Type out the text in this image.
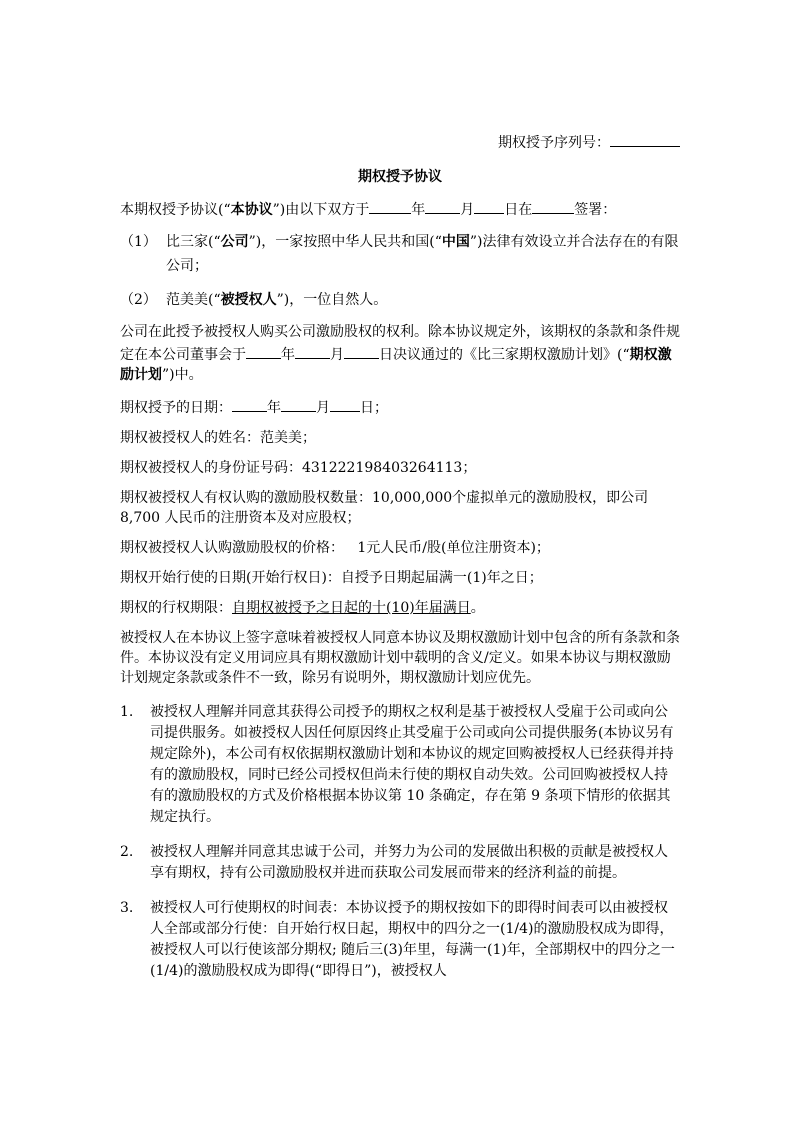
期权授予序列号：
期权授予协议

本期权授予协议(“本协议”)由以下双方于	年	月 日在	签署：

（1） 比三家(“公司”)，一家按照中华人民共和国(“中国”)法律有效设立并合法存在的有限公司；
（2） 范美美(“被授权人”)，一位自然人。

公司在此授予被授权人购买公司激励股权的权利。除本协议规定外，该期权的条款和条件规定在本公司董事会于	年	月	日决议通过的《比三家期权激励计划》(“期权激励计划”)中。

期权授予的日期：	年	月 日；

期权被授权人的姓名：范美美；

期权被授权人的身份证号码：431222198403264113；

期权被授权人有权认购的激励股权数量：10,000,000个虚拟单元的激励股权，即公司 8,700 人民币的注册资本及对应股权；

期权被授权人认购激励股权的价格： 1元人民币/股(单位注册资本)；

期权开始行使的日期(开始行权日)：自授予日期起届满一(1)年之日；

期权的行权期限：自期权被授予之日起的十(10)年届满日。

被授权人在本协议上签字意味着被授权人同意本协议及期权激励计划中包含的所有条款和条件。本协议没有定义用词应具有期权激励计划中载明的含义/定义。如果本协议与期权激励计划规定条款或条件不一致，除另有说明外，期权激励计划应优先。

1. 被授权人理解并同意其获得公司授予的期权之权利是基于被授权人受雇于公司或向公司提供服务。如被授权人因任何原因终止其受雇于公司或向公司提供服务(本协议另有规定除外)，本公司有权依据期权激励计划和本协议的规定回购被授权人已经获得并持有的激励股权，同时已经公司授权但尚未行使的期权自动失效。公司回购被授权人持有的激励股权的方式及价格根据本协议第 10 条确定，存在第 9 条项下情形的依据其规定执行。
2. 被授权人理解并同意其忠诚于公司，并努力为公司的发展做出积极的贡献是被授权人享有期权，持有公司激励股权并进而获取公司发展而带来的经济利益的前提。
3. 被授权人可行使期权的时间表：本协议授予的期权按如下的即得时间表可以由被授权人全部或部分行使：自开始行权日起，期权中的四分之一(1/4)的激励股权成为即得，被授权人可以行使该部分期权; 随后三(3)年里，每满一(1)年，全部期权中的四分之一(1/4)的激励股权成为即得(“即得日”)，被授权人
